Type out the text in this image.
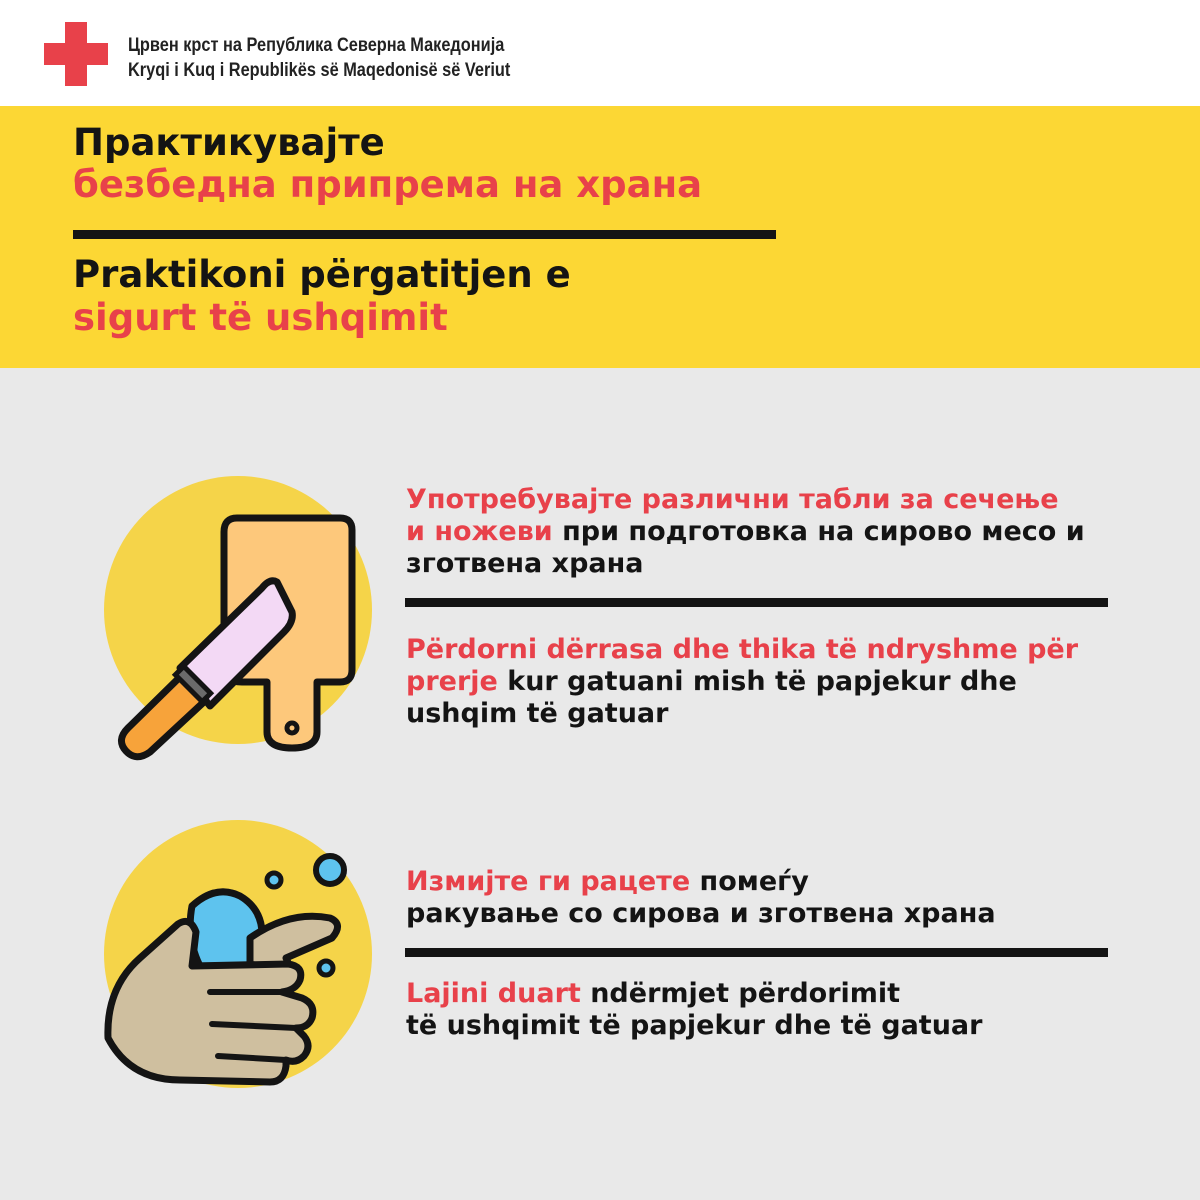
Црвен крст на Република Северна Македонија
Kryqi i Kuq i Republikës së Maqedonisë së Veriut
Практикувајте
безбедна припрема на храна
Praktikoni përgatitjen e
sigurt të ushqimit
Употребувајте различни табли за сечење
и ножеви при подготовка на сирово месо и
зготвена храна
Përdorni dërrasa dhe thika të ndryshme për
prerje kur gatuani mish të papjekur dhe
ushqim të gatuar
Измијте ги рацете помеѓу
ракување со сирова и зготвена храна
Lajini duart ndërmjet përdorimit
të ushqimit të papjekur dhe të gatuar
